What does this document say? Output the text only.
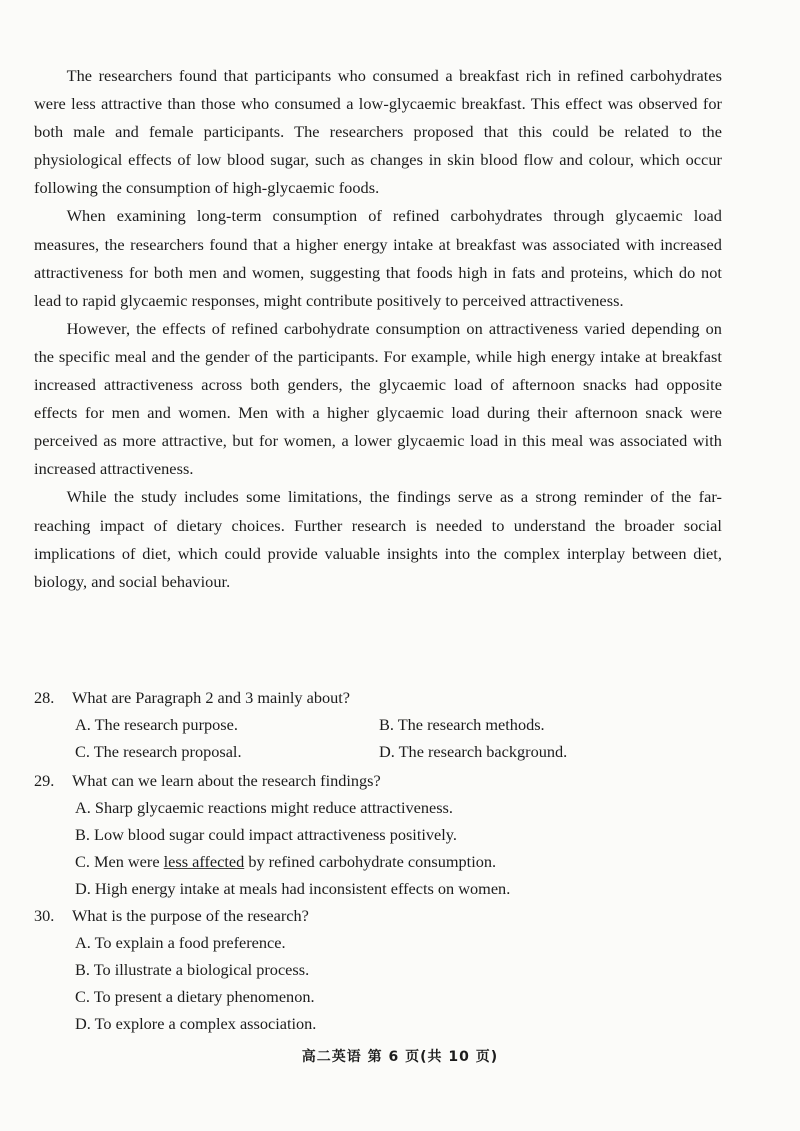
The researchers found that participants who consumed a breakfast rich in refined carbohydrates were less attractive than those who consumed a low-glycaemic breakfast. This effect was observed for both male and female participants. The researchers proposed that this could be related to the physiological effects of low blood sugar, such as changes in skin blood flow and colour, which occur following the consumption of high-glycaemic foods.

When examining long-term consumption of refined carbohydrates through glycaemic load measures, the researchers found that a higher energy intake at breakfast was associated with increased attractiveness for both men and women, suggesting that foods high in fats and proteins, which do not lead to rapid glycaemic responses, might contribute positively to perceived attractiveness.

However, the effects of refined carbohydrate consumption on attractiveness varied depending on the specific meal and the gender of the participants. For example, while high energy intake at breakfast increased attractiveness across both genders, the glycaemic load of afternoon snacks had opposite effects for men and women. Men with a higher glycaemic load during their afternoon snack were perceived as more attractive, but for women, a lower glycaemic load in this meal was associated with increased attractiveness.

While the study includes some limitations, the findings serve as a strong reminder of the far-reaching impact of dietary choices. Further research is needed to understand the broader social implications of diet, which could provide valuable insights into the complex interplay between diet, biology, and social behaviour.

28. What are Paragraph 2 and 3 mainly about?
A. The research purpose.	B. The research methods.
C. The research proposal.	D. The research background.
29. What can we learn about the research findings?
A. Sharp glycaemic reactions might reduce attractiveness.
B. Low blood sugar could impact attractiveness positively.
C. Men were less affected by refined carbohydrate consumption.
D. High energy intake at meals had inconsistent effects on women.
30. What is the purpose of the research?
A. To explain a food preference.
B. To illustrate a biological process.
C. To present a dietary phenomenon.
D. To explore a complex association.
高二英语 第 6 页(共 10 页)
